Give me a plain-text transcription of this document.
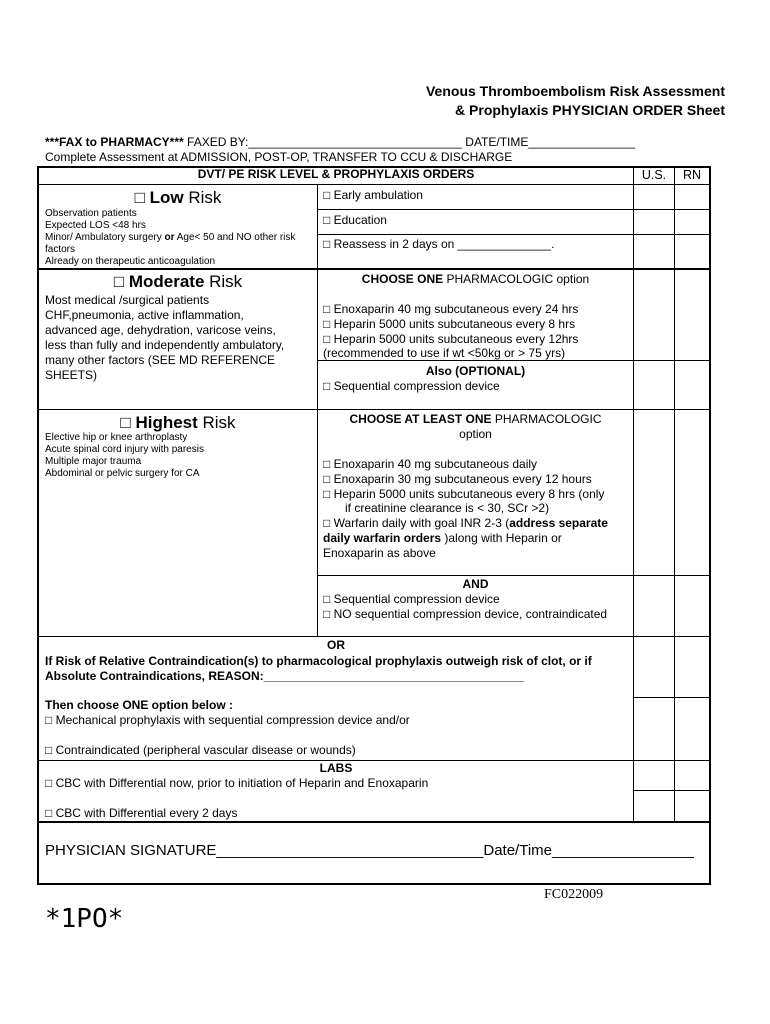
Venous Thromboembolism Risk Assessment
& Prophylaxis PHYSICIAN ORDER Sheet
***FAX to PHARMACY*** FAXED BY:________________________________ DATE/TIME________________
Complete Assessment at ADMISSION, POST-OP, TRANSFER TO CCU & DISCHARGE
DVT/ PE RISK LEVEL & PROPHYLAXIS ORDERS	U.S.	RN
□ Low Risk
Observation patients
Expected LOS <48 hrs
Minor/ Ambulatory surgery or Age< 50 and NO other risk
factors
Already on therapeutic anticoagulation
□ Early ambulation
□ Education
□ Reassess in 2 days on ______________.
□ Moderate Risk
Most medical /surgical patients
CHF,pneumonia, active inflammation,
advanced age, dehydration, varicose veins,
less than fully and independently ambulatory,
many other factors (SEE MD REFERENCE
SHEETS)
CHOOSE ONE PHARMACOLOGIC option
□ Enoxaparin 40 mg subcutaneous every 24 hrs
□ Heparin 5000 units subcutaneous every 8 hrs
□ Heparin 5000 units subcutaneous every 12hrs
(recommended to use if wt <50kg or > 75 yrs)
Also (OPTIONAL)
□ Sequential compression device
□ Highest Risk
Elective hip or knee arthroplasty
Acute spinal cord injury with paresis
Multiple major trauma
Abdominal or pelvic surgery for CA
CHOOSE AT LEAST ONE PHARMACOLOGIC
option
□ Enoxaparin 40 mg subcutaneous daily
□ Enoxaparin 30 mg subcutaneous every 12 hours
□ Heparin 5000 units subcutaneous every 8 hrs (only
if creatinine clearance is < 30, SCr >2)
□ Warfarin daily with goal INR 2-3 (address separate
daily warfarin orders )along with Heparin or
Enoxaparin as above
AND
□ Sequential compression device
□ NO sequential compression device, contraindicated
OR
If Risk of Relative Contraindication(s) to pharmacological prophylaxis outweigh risk of clot, or if
Absolute Contraindications, REASON:_______________________________________
Then choose ONE option below :
□ Mechanical prophylaxis with sequential compression device and/or
□ Contraindicated (peripheral vascular disease or wounds)
LABS
□ CBC with Differential now, prior to initiation of Heparin and Enoxaparin
□ CBC with Differential every 2 days
PHYSICIAN SIGNATURE________________________________Date/Time_________________
FC022009
*1PO*
